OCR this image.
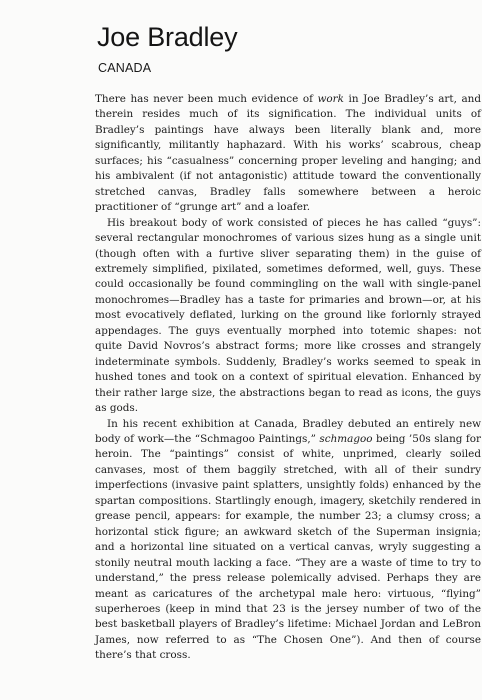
Joe Bradley
CANADA

There has never been much evidence of work in Joe Bradley’s art, and therein resides much of its signification. The individual units of Bradley’s paintings have always been literally blank and, more significantly, militantly haphazard. With his works’ scabrous, cheap surfaces; his “casualness” concerning proper leveling and hanging; and his ambivalent (if not antagonistic) attitude toward the conventionally stretched canvas, Bradley falls somewhere between a heroic practitioner of “grunge art” and a loafer.

His breakout body of work consisted of pieces he has called “guys”: several rectangular monochromes of various sizes hung as a single unit (though often with a furtive sliver separating them) in the guise of extremely simplified, pixilated, sometimes deformed, well, guys. These could occasionally be found commingling on the wall with single-panel monochromes—Bradley has a taste for primaries and brown—or, at his most evocatively deflated, lurking on the ground like forlornly strayed appendages. The guys eventually morphed into totemic shapes: not quite David Novros’s abstract forms; more like crosses and strangely indeterminate symbols. Suddenly, Bradley’s works seemed to speak in hushed tones and took on a context of spiritual elevation. Enhanced by their rather large size, the abstractions began to read as icons, the guys as gods.

In his recent exhibition at Canada, Bradley debuted an entirely new body of work—the “Schmagoo Paintings,” schmagoo being ’50s slang for heroin. The “paintings” consist of white, unprimed, clearly soiled canvases, most of them baggily stretched, with all of their sundry imperfections (invasive paint splatters, unsightly folds) enhanced by the spartan compositions. Startlingly enough, imagery, sketchily rendered in grease pencil, appears: for example, the number 23; a clumsy cross; a horizontal stick figure; an awkward sketch of the Superman insignia; and a horizontal line situated on a vertical canvas, wryly suggesting a stonily neutral mouth lacking a face. “They are a waste of time to try to understand,” the press release polemically advised. Perhaps they are meant as caricatures of the archetypal male hero: virtuous, “flying” superheroes (keep in mind that 23 is the jersey number of two of the best basketball players of Bradley’s lifetime: Michael Jordan and LeBron James, now referred to as “The Chosen One”). And then of course there’s that cross.
